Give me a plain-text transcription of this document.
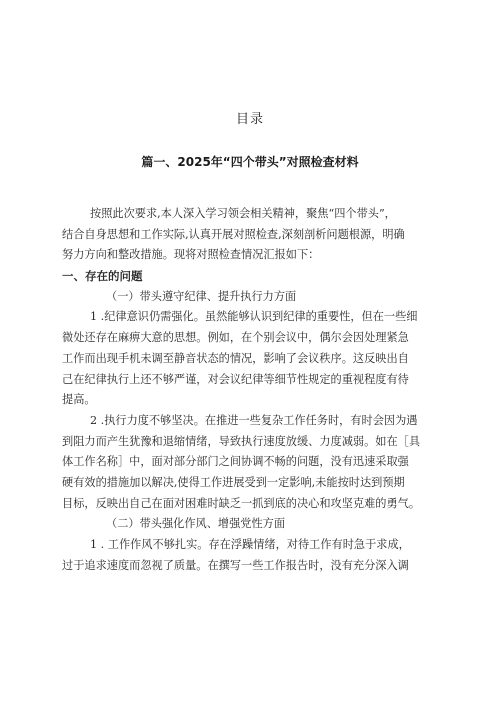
目录
篇一、2025年“四个带头”对照检查材料
按照此次要求,本人深入学习领会相关精神，聚焦“四个带头”，
结合自身思想和工作实际,认真开展对照检查,深刻剖析问题根源，明确
努力方向和整改措施。现将对照检查情况汇报如下：
一、存在的问题
（一）带头遵守纪律、提升执行力方面
1 .纪律意识仍需强化。虽然能够认识到纪律的重要性，但在一些细
微处还存在麻痹大意的思想。例如，在个别会议中，偶尔会因处理紧急
工作而出现手机未调至静音状态的情况，影响了会议秩序。这反映出自
己在纪律执行上还不够严谨，对会议纪律等细节性规定的重视程度有待
提高。
2 .执行力度不够坚决。在推进一些复杂工作任务时，有时会因为遇
到阻力而产生犹豫和退缩情绪，导致执行速度放缓、力度减弱。如在［具
体工作名称］中，面对部分部门之间协调不畅的问题，没有迅速采取强
硬有效的措施加以解决,使得工作进展受到一定影响,未能按时达到预期
目标，反映出自己在面对困难时缺乏一抓到底的决心和攻坚克难的勇气。
（二）带头强化作风、增强党性方面
1 . 工作作风不够扎实。存在浮躁情绪，对待工作有时急于求成，
过于追求速度而忽视了质量。在撰写一些工作报告时，没有充分深入调
